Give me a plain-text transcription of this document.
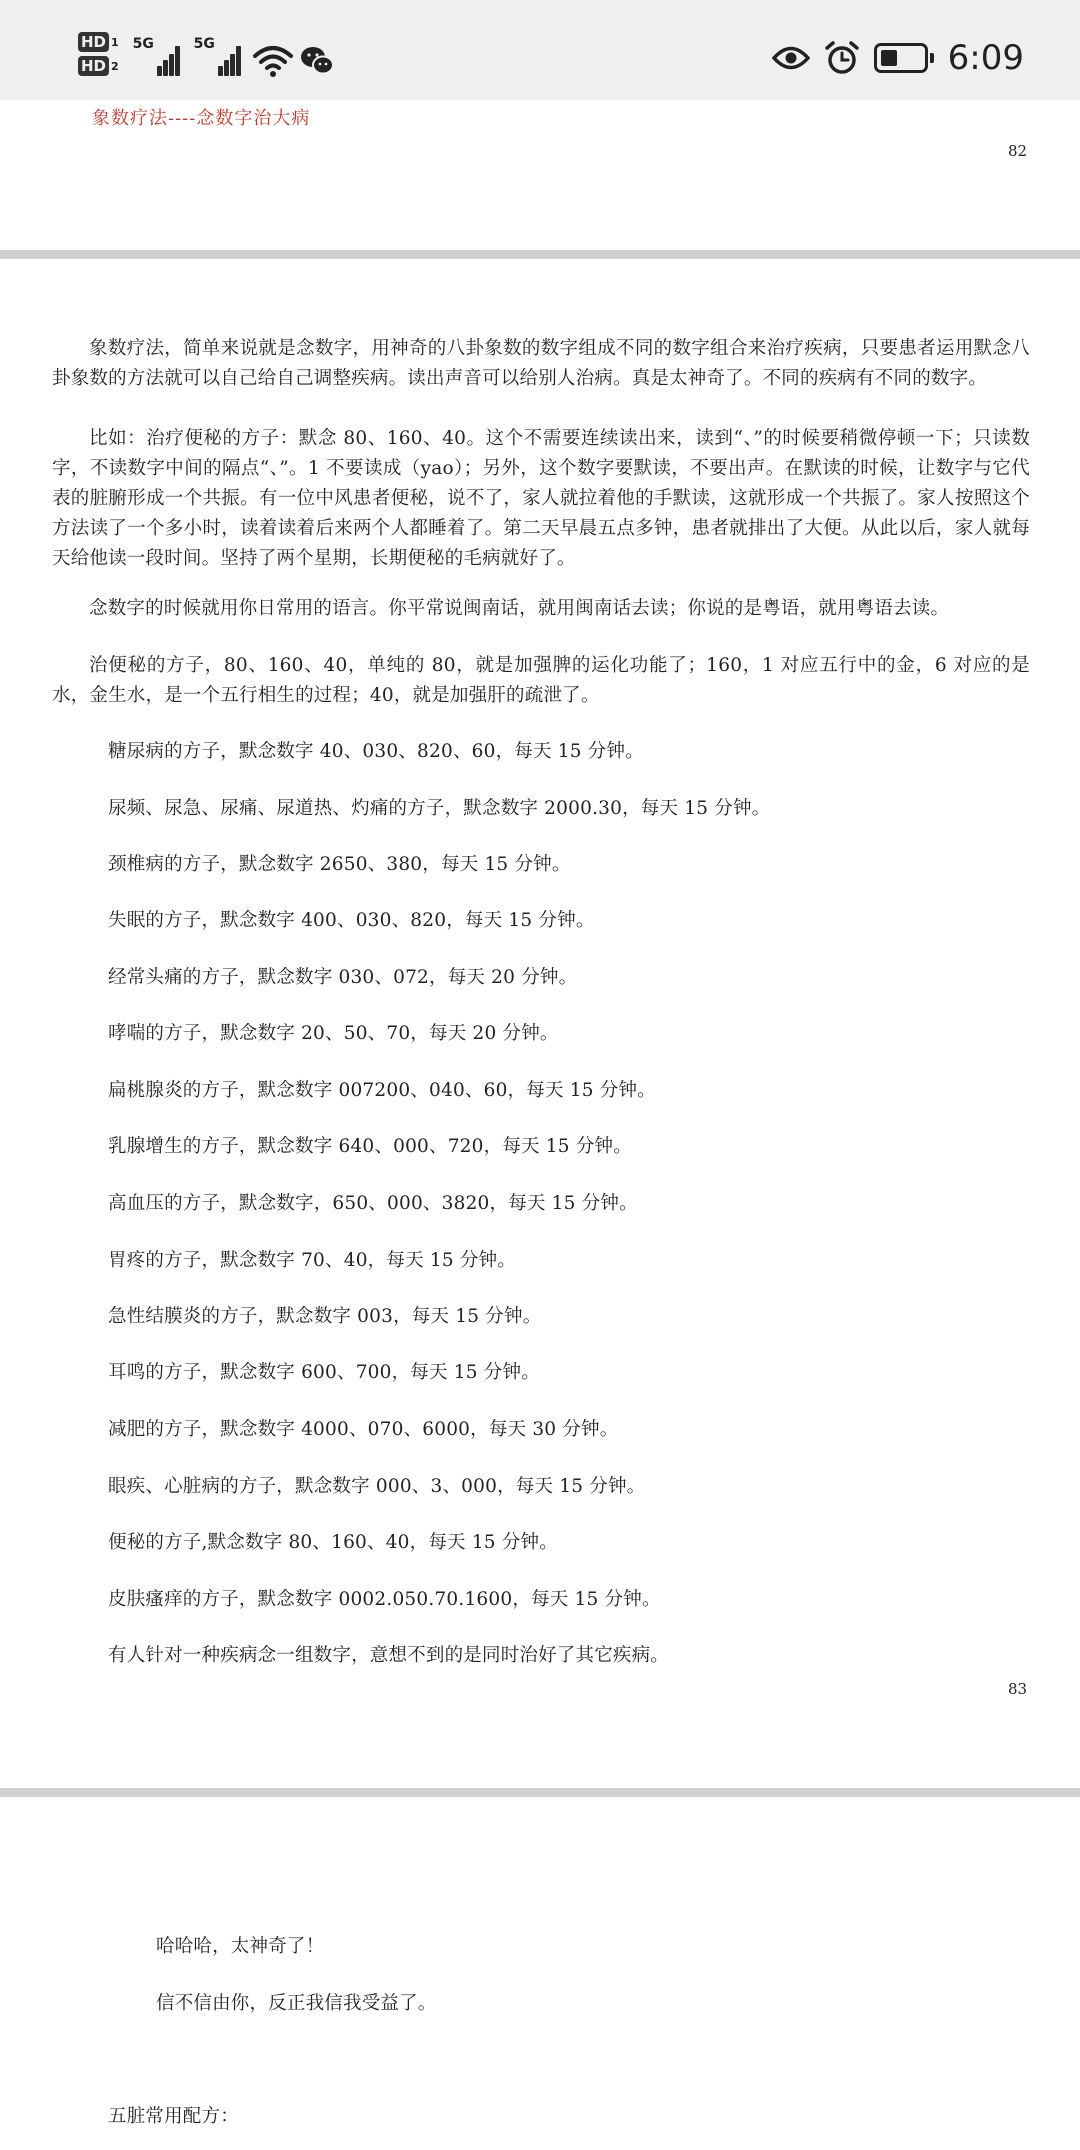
HD 1
HD 2
5G	5G	6:09
象数疗法----念数字治大病
82

象数疗法，简单来说就是念数字，用神奇的八卦象数的数字组成不同的数字组合来治疗疾病，只要患者运用默念八卦象数的方法就可以自己给自己调整疾病。读出声音可以给别人治病。真是太神奇了。不同的疾病有不同的数字。

比如：治疗便秘的方子：默念 80、160、40。这个不需要连续读出来，读到“、”的时候要稍微停顿一下；只读数字，不读数字中间的隔点“、”。1 不要读成（yao）；另外，这个数字要默读，不要出声。在默读的时候，让数字与它代表的脏腑形成一个共振。有一位中风患者便秘，说不了，家人就拉着他的手默读，这就形成一个共振了。家人按照这个方法读了一个多小时，读着读着后来两个人都睡着了。第二天早晨五点多钟，患者就排出了大便。从此以后，家人就每天给他读一段时间。坚持了两个星期，长期便秘的毛病就好了。

念数字的时候就用你日常用的语言。你平常说闽南话，就用闽南话去读；你说的是粤语，就用粤语去读。

治便秘的方子，80、160、40，单纯的 80，就是加强脾的运化功能了；160，1 对应五行中的金，6 对应的是水，金生水，是一个五行相生的过程；40，就是加强肝的疏泄了。

糖尿病的方子，默念数字 40、030、820、60，每天 15 分钟。
尿频、尿急、尿痛、尿道热、灼痛的方子，默念数字 2000.30，每天 15 分钟。
颈椎病的方子，默念数字 2650、380，每天 15 分钟。
失眠的方子，默念数字 400、030、820，每天 15 分钟。
经常头痛的方子，默念数字 030、072，每天 20 分钟。
哮喘的方子，默念数字 20、50、70，每天 20 分钟。
扁桃腺炎的方子，默念数字 007200、040、60，每天 15 分钟。
乳腺增生的方子，默念数字 640、000、720，每天 15 分钟。
高血压的方子，默念数字，650、000、3820，每天 15 分钟。
胃疼的方子，默念数字 70、40，每天 15 分钟。
急性结膜炎的方子，默念数字 003，每天 15 分钟。
耳鸣的方子，默念数字 600、700，每天 15 分钟。
减肥的方子，默念数字 4000、070、6000，每天 30 分钟。
眼疾、心脏病的方子，默念数字 000、3、000，每天 15 分钟。
便秘的方子,默念数字 80、160、40，每天 15 分钟。
皮肤瘙痒的方子，默念数字 0002.050.70.1600，每天 15 分钟。
有人针对一种疾病念一组数字，意想不到的是同时治好了其它疾病。
83
哈哈哈，太神奇了！
信不信由你，反正我信我受益了。
五脏常用配方：
